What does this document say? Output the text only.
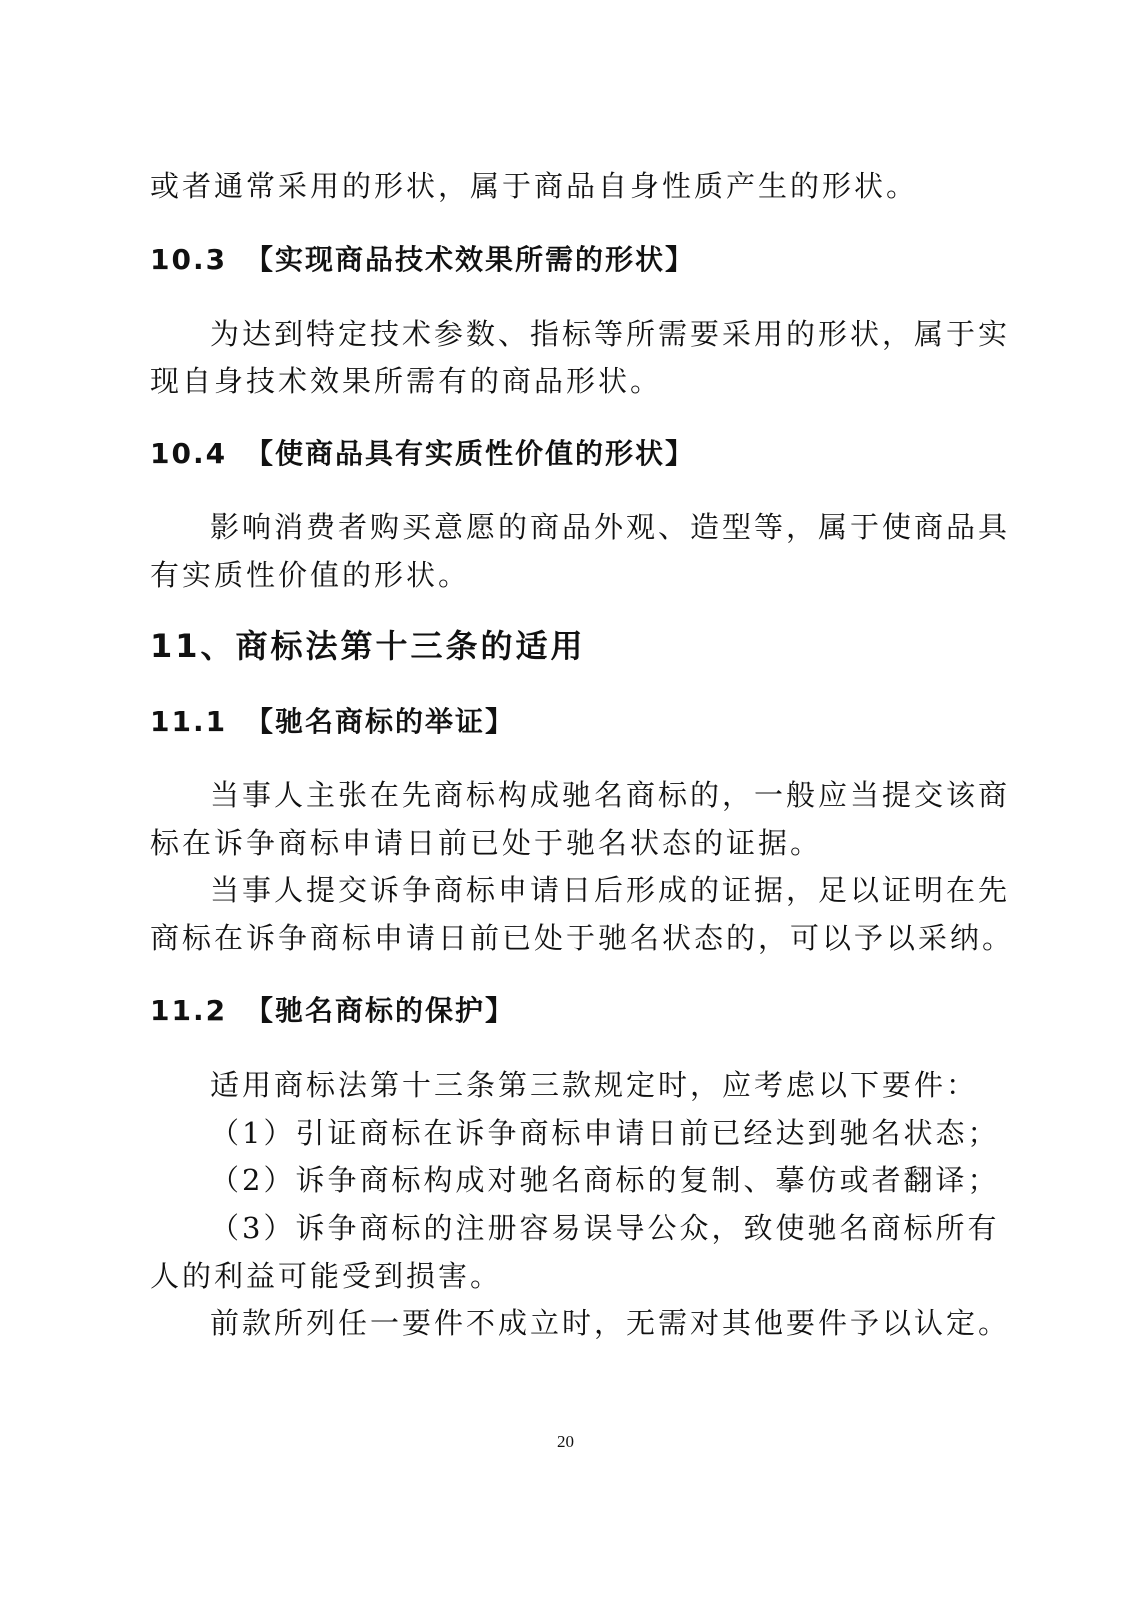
或者通常采用的形状，属于商品自身性质产生的形状。
10.3 【实现商品技术效果所需的形状】
为达到特定技术参数、指标等所需要采用的形状，属于实
现自身技术效果所需有的商品形状。
10.4 【使商品具有实质性价值的形状】
影响消费者购买意愿的商品外观、造型等，属于使商品具
有实质性价值的形状。
11、商标法第十三条的适用
11.1 【驰名商标的举证】
当事人主张在先商标构成驰名商标的，一般应当提交该商
标在诉争商标申请日前已处于驰名状态的证据。
当事人提交诉争商标申请日后形成的证据，足以证明在先
商标在诉争商标申请日前已处于驰名状态的，可以予以采纳。
11.2 【驰名商标的保护】
适用商标法第十三条第三款规定时，应考虑以下要件：
（1）引证商标在诉争商标申请日前已经达到驰名状态；
（2）诉争商标构成对驰名商标的复制、摹仿或者翻译；
（3）诉争商标的注册容易误导公众，致使驰名商标所有
人的利益可能受到损害。
前款所列任一要件不成立时，无需对其他要件予以认定。
20
